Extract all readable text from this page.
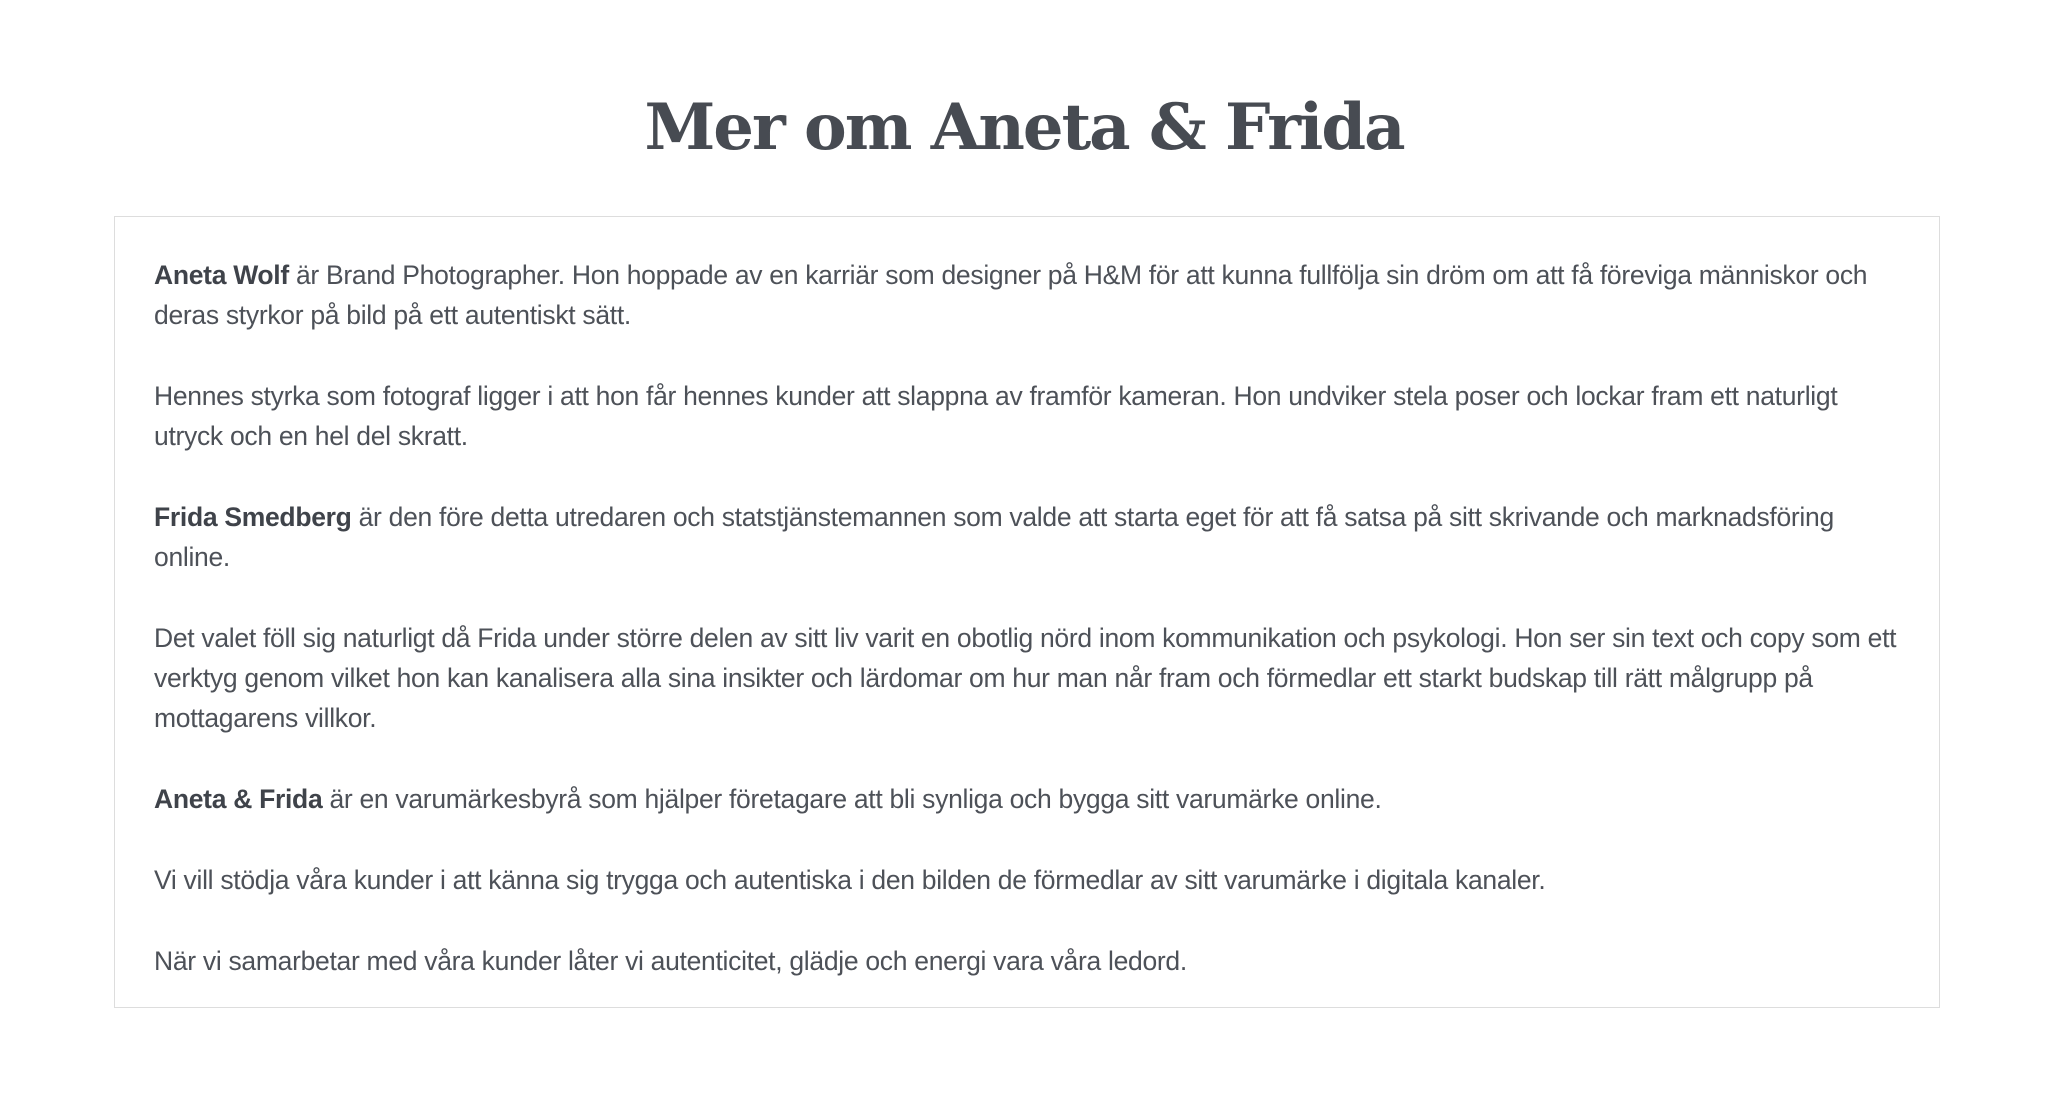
Mer om Aneta & Frida

Aneta Wolf är Brand Photographer. Hon hoppade av en karriär som designer på H&M för att kunna fullfölja sin dröm om att få föreviga människor och deras styrkor på bild på ett autentiskt sätt.

Hennes styrka som fotograf ligger i att hon får hennes kunder att slappna av framför kameran. Hon undviker stela poser och lockar fram ett naturligt utryck och en hel del skratt.

Frida Smedberg är den före detta utredaren och statstjänstemannen som valde att starta eget för att få satsa på sitt skrivande och marknadsföring online.

Det valet föll sig naturligt då Frida under större delen av sitt liv varit en obotlig nörd inom kommunikation och psykologi. Hon ser sin text och copy som ett verktyg genom vilket hon kan kanalisera alla sina insikter och lärdomar om hur man når fram och förmedlar ett starkt budskap till rätt målgrupp på mottagarens villkor.

Aneta & Frida är en varumärkesbyrå som hjälper företagare att bli synliga och bygga sitt varumärke online.

Vi vill stödja våra kunder i att känna sig trygga och autentiska i den bilden de förmedlar av sitt varumärke i digitala kanaler.

När vi samarbetar med våra kunder låter vi autenticitet, glädje och energi vara våra ledord.
